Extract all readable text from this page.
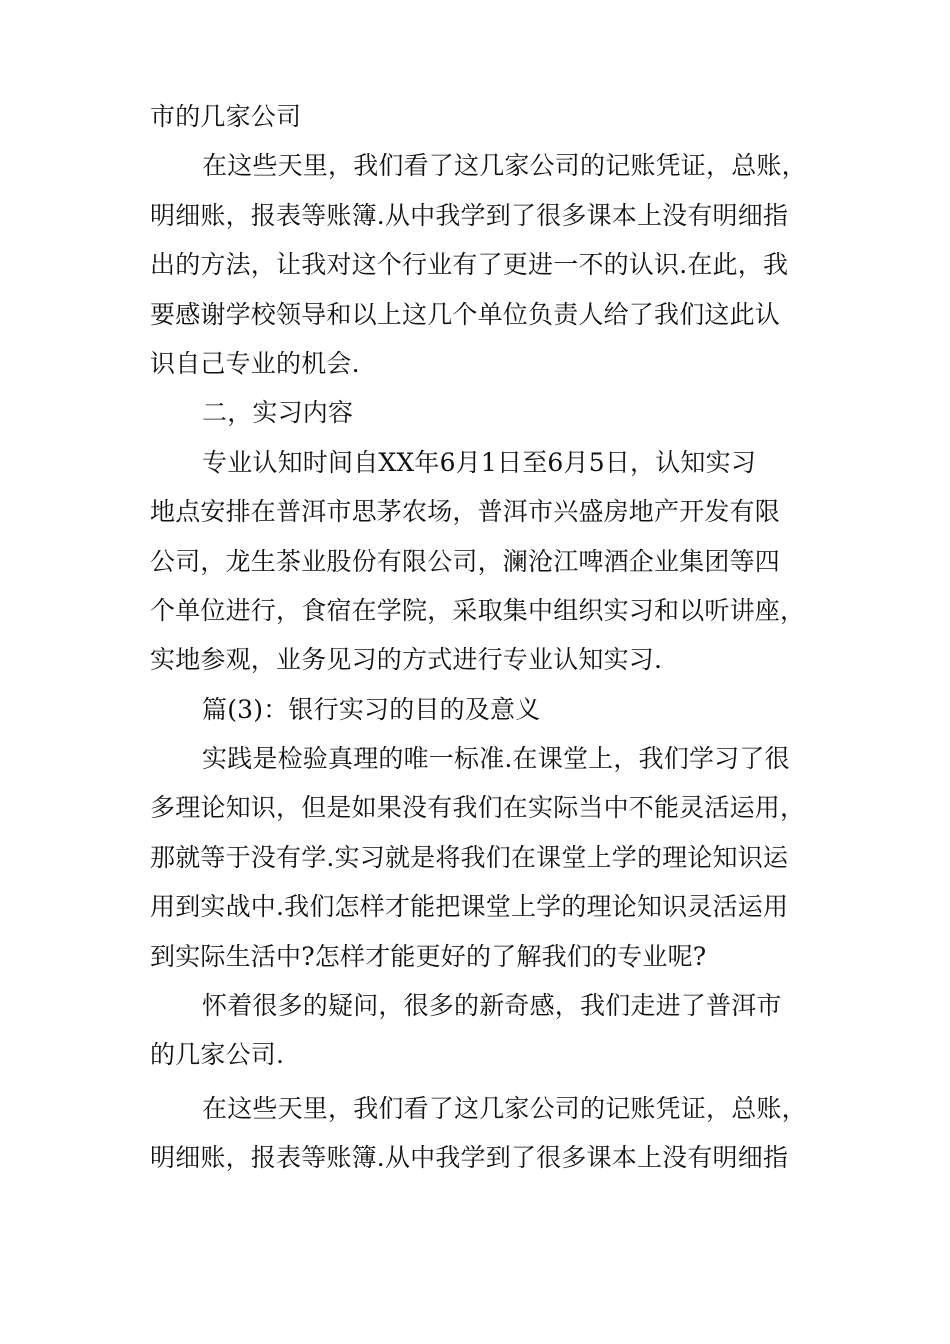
市的几家公司
在这些天里，我们看了这几家公司的记账凭证，总账，
明细账，报表等账簿.从中我学到了很多课本上没有明细指
出的方法，让我对这个行业有了更进一不的认识.在此，我
要感谢学校领导和以上这几个单位负责人给了我们这此认
识自己专业的机会.
二，实习内容
专业认知时间自XX年6月1日至6月5日，认知实习
地点安排在普洱市思茅农场，普洱市兴盛房地产开发有限
公司，龙生茶业股份有限公司，澜沧江啤酒企业集团等四
个单位进行，食宿在学院，采取集中组织实习和以听讲座，
实地参观，业务见习的方式进行专业认知实习.
篇(3)：银行实习的目的及意义
实践是检验真理的唯一标准.在课堂上，我们学习了很
多理论知识，但是如果没有我们在实际当中不能灵活运用，
那就等于没有学.实习就是将我们在课堂上学的理论知识运
用到实战中.我们怎样才能把课堂上学的理论知识灵活运用
到实际生活中?怎样才能更好的了解我们的专业呢?
怀着很多的疑问，很多的新奇感，我们走进了普洱市
的几家公司.
在这些天里，我们看了这几家公司的记账凭证，总账，
明细账，报表等账簿.从中我学到了很多课本上没有明细指
